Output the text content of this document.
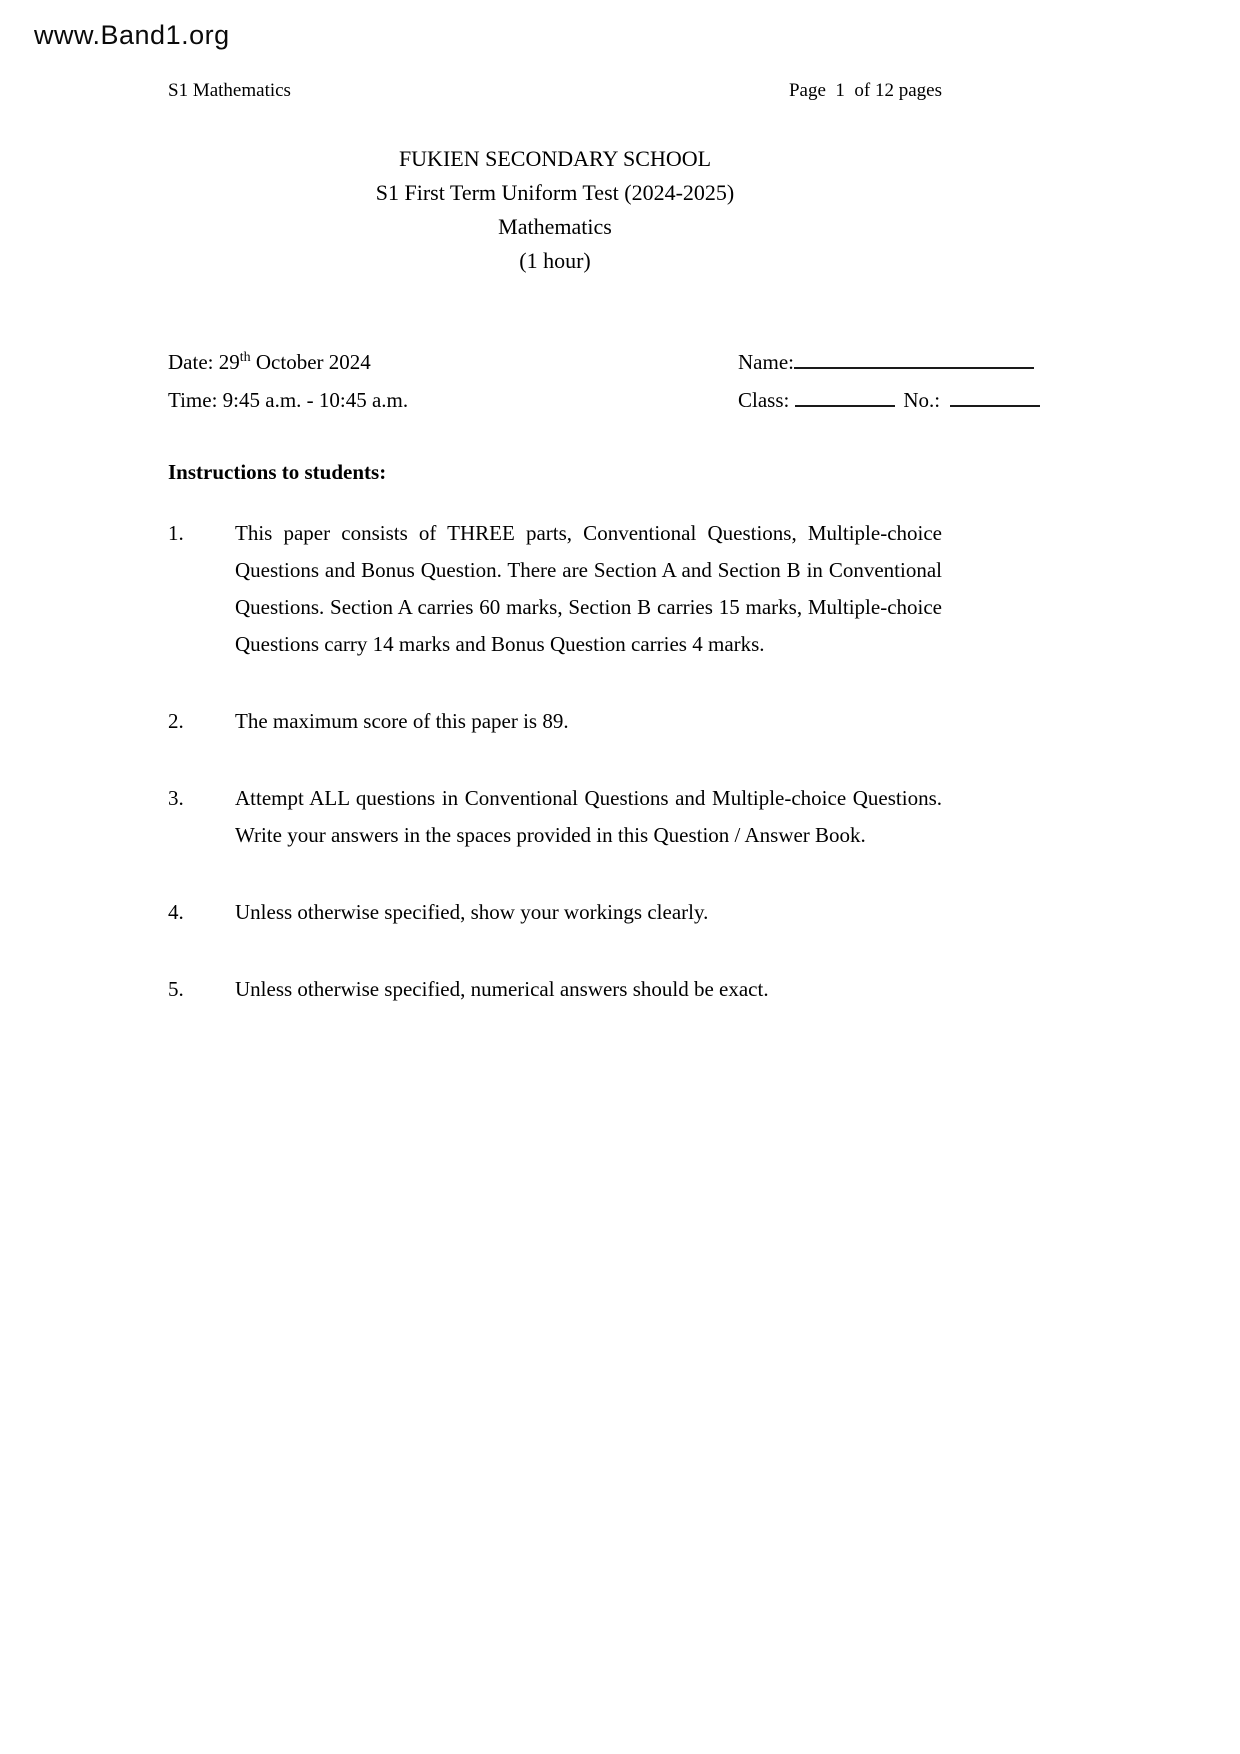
www.Band1.org
S1 Mathematics	Page  1  of 12 pages
FUKIEN SECONDARY SCHOOL
S1 First Term Uniform Test (2024-2025)
Mathematics
(1 hour)
Date: 29th October 2024	Name:
Time: 9:45 a.m. - 10:45 a.m.	Class:	No.:
Instructions to students:
1.	This paper consists of THREE parts, Conventional Questions, Multiple-choice Questions and Bonus Question. There are Section A and Section B in Conventional Questions. Section A carries 60 marks, Section B carries 15 marks, Multiple-choice Questions carry 14 marks and Bonus Question carries 4 marks.
2.	The maximum score of this paper is 89.
3.	Attempt ALL questions in Conventional Questions and Multiple-choice Questions. Write your answers in the spaces provided in this Question / Answer Book.
4.	Unless otherwise specified, show your workings clearly.
5.	Unless otherwise specified, numerical answers should be exact.
